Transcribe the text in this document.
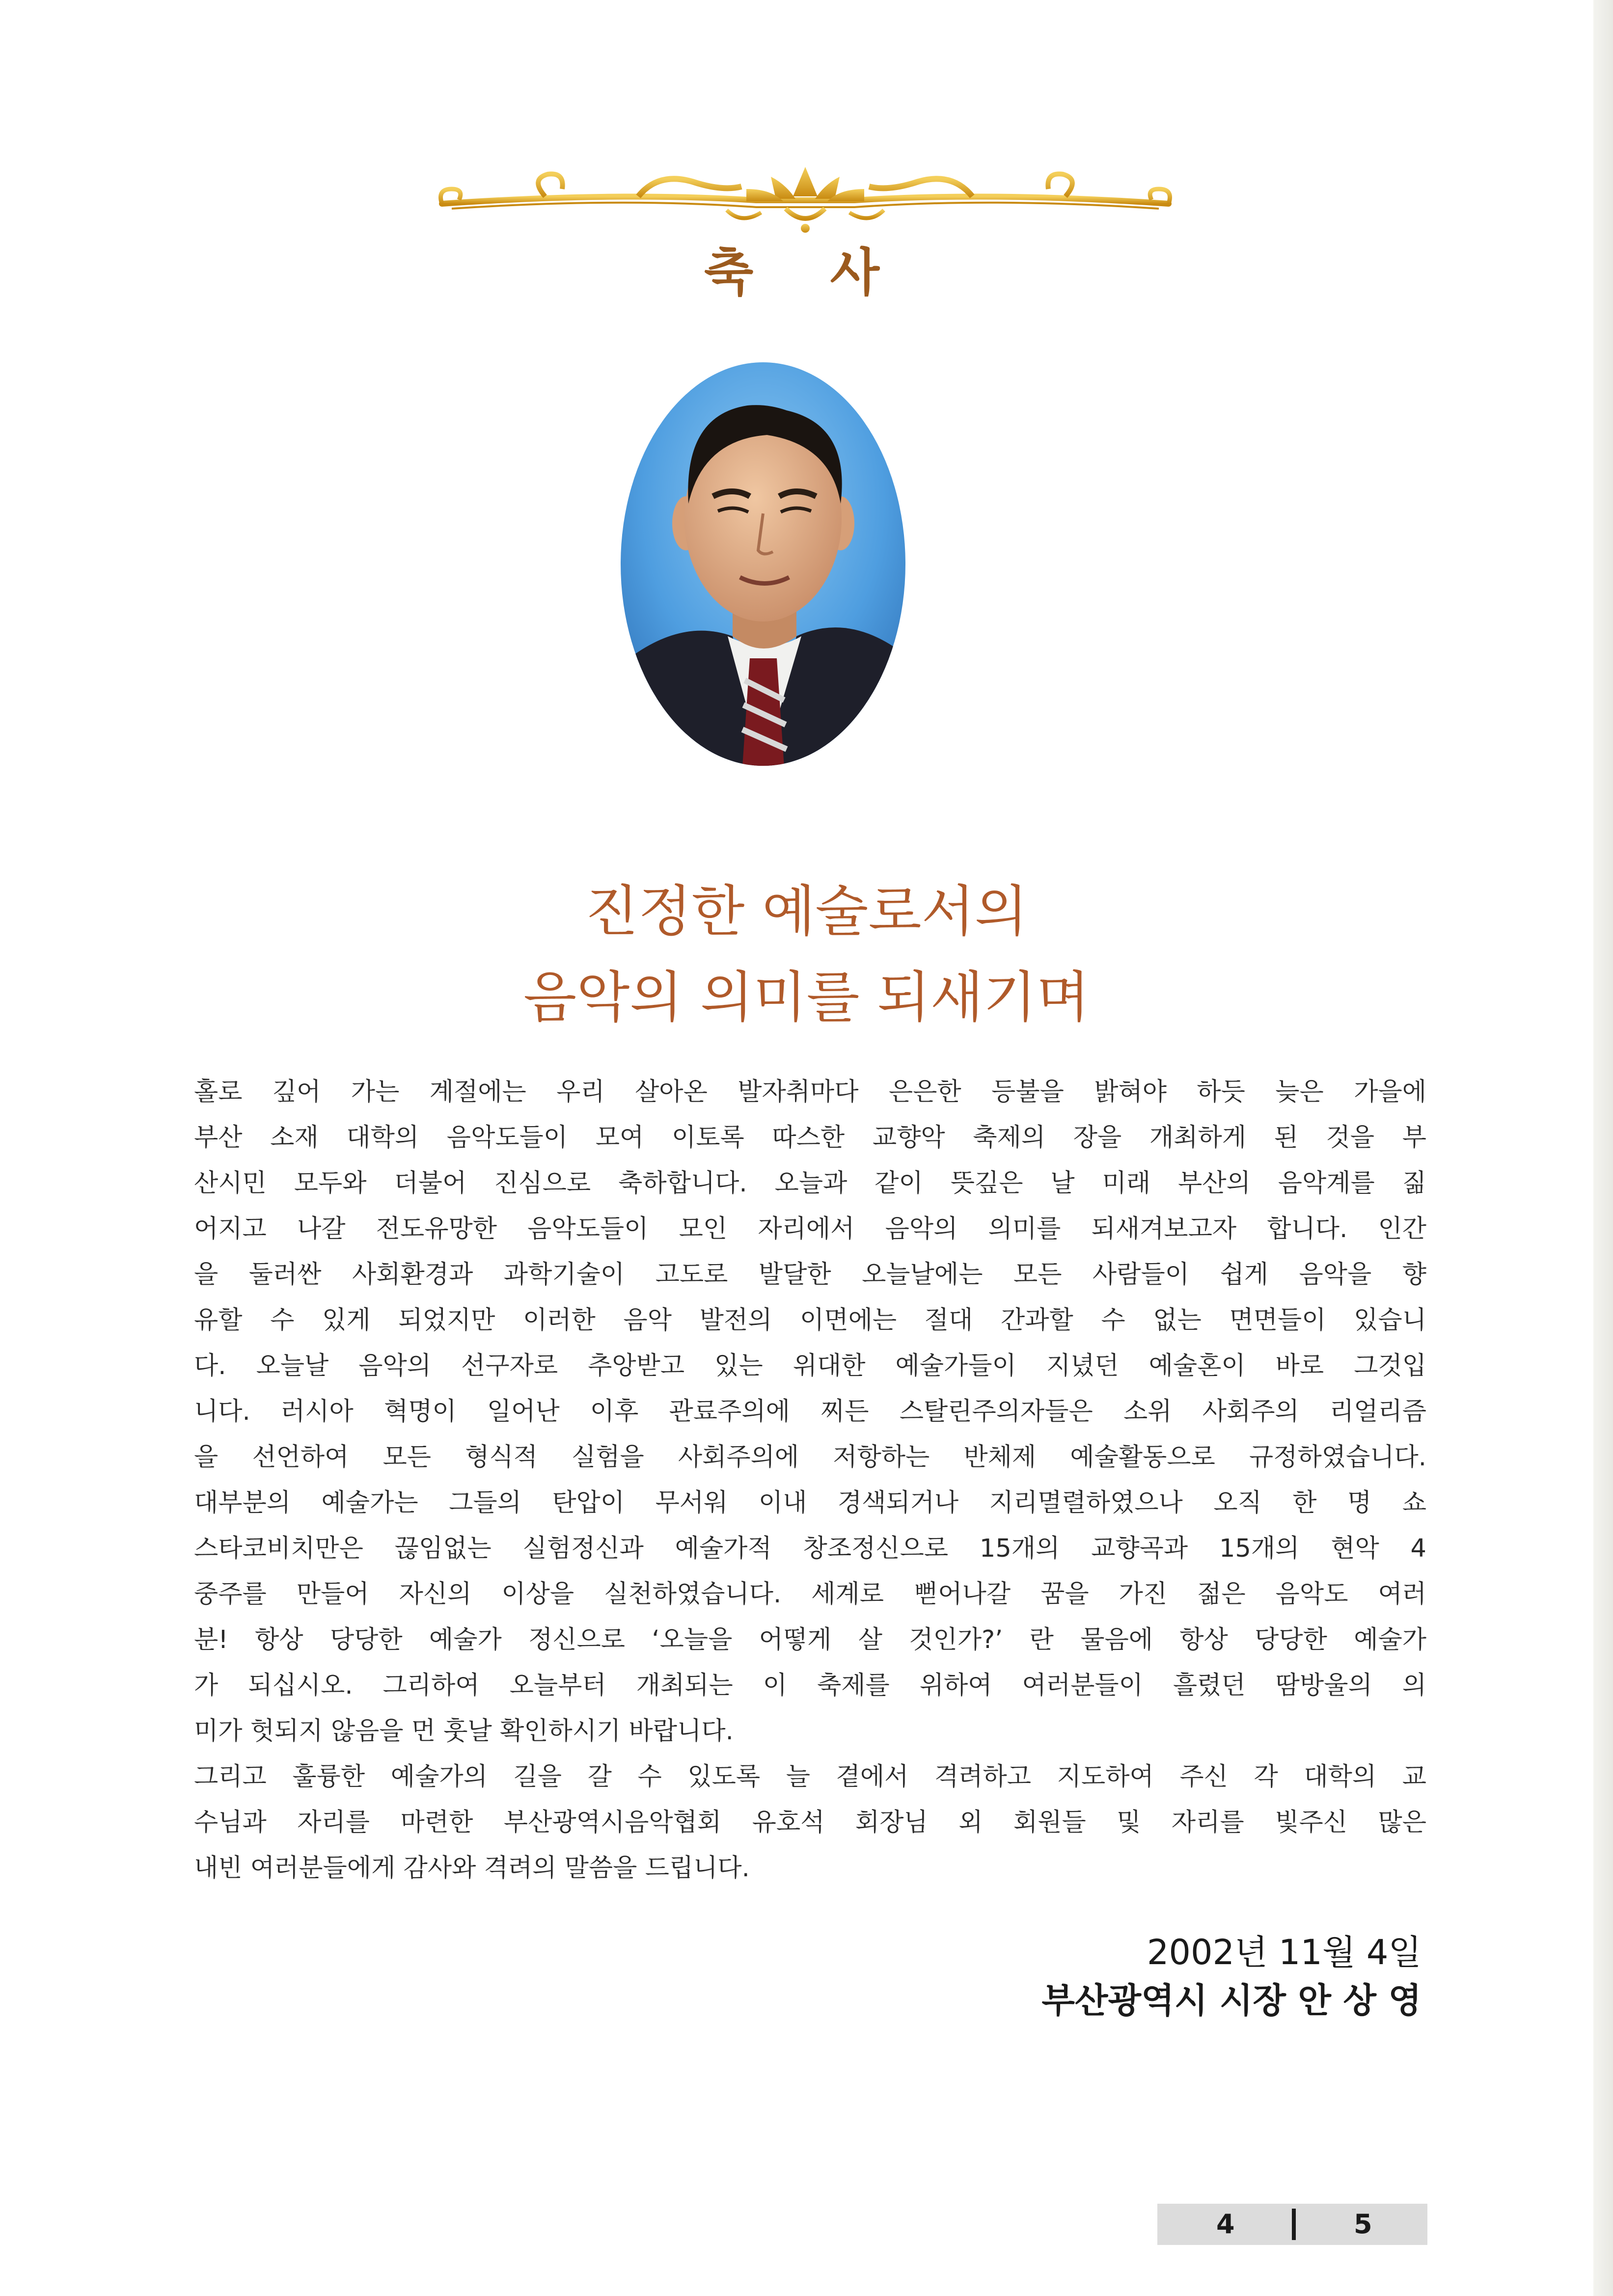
축 사
진정한 예술로서의
음악의 의미를 되새기며
홀로 깊어 가는 계절에는 우리 살아온 발자취마다 은은한 등불을 밝혀야 하듯 늦은 가을에
부산 소재 대학의 음악도들이 모여 이토록 따스한 교향악 축제의 장을 개최하게 된 것을 부
산시민 모두와 더불어 진심으로 축하합니다. 오늘과 같이 뜻깊은 날 미래 부산의 음악계를 짊
어지고 나갈 전도유망한 음악도들이 모인 자리에서 음악의 의미를 되새겨보고자 합니다. 인간
을 둘러싼 사회환경과 과학기술이 고도로 발달한 오늘날에는 모든 사람들이 쉽게 음악을 향
유할 수 있게 되었지만 이러한 음악 발전의 이면에는 절대 간과할 수 없는 면면들이 있습니
다. 오늘날 음악의 선구자로 추앙받고 있는 위대한 예술가들이 지녔던 예술혼이 바로 그것입
니다. 러시아 혁명이 일어난 이후 관료주의에 찌든 스탈린주의자들은 소위 사회주의 리얼리즘
을 선언하여 모든 형식적 실험을 사회주의에 저항하는 반체제 예술활동으로 규정하였습니다.
대부분의 예술가는 그들의 탄압이 무서워 이내 경색되거나 지리멸렬하였으나 오직 한 명 쇼
스타코비치만은 끊임없는 실험정신과 예술가적 창조정신으로 15개의 교향곡과 15개의 현악 4
중주를 만들어 자신의 이상을 실천하였습니다. 세계로 뻗어나갈 꿈을 가진 젊은 음악도 여러
분! 항상 당당한 예술가 정신으로 ‘오늘을 어떻게 살 것인가?’ 란 물음에 항상 당당한 예술가
가 되십시오. 그리하여 오늘부터 개최되는 이 축제를 위하여 여러분들이 흘렸던 땀방울의 의
미가 헛되지 않음을 먼 훗날 확인하시기 바랍니다.
그리고 훌륭한 예술가의 길을 갈 수 있도록 늘 곁에서 격려하고 지도하여 주신 각 대학의 교
수님과 자리를 마련한 부산광역시음악협회 유호석 회장님 외 회원들 및 자리를 빛주신 많은
내빈 여러분들에게 감사와 격려의 말씀을 드립니다.
2002년 11월 4일
부산광역시 시장 안 상 영
4	5
